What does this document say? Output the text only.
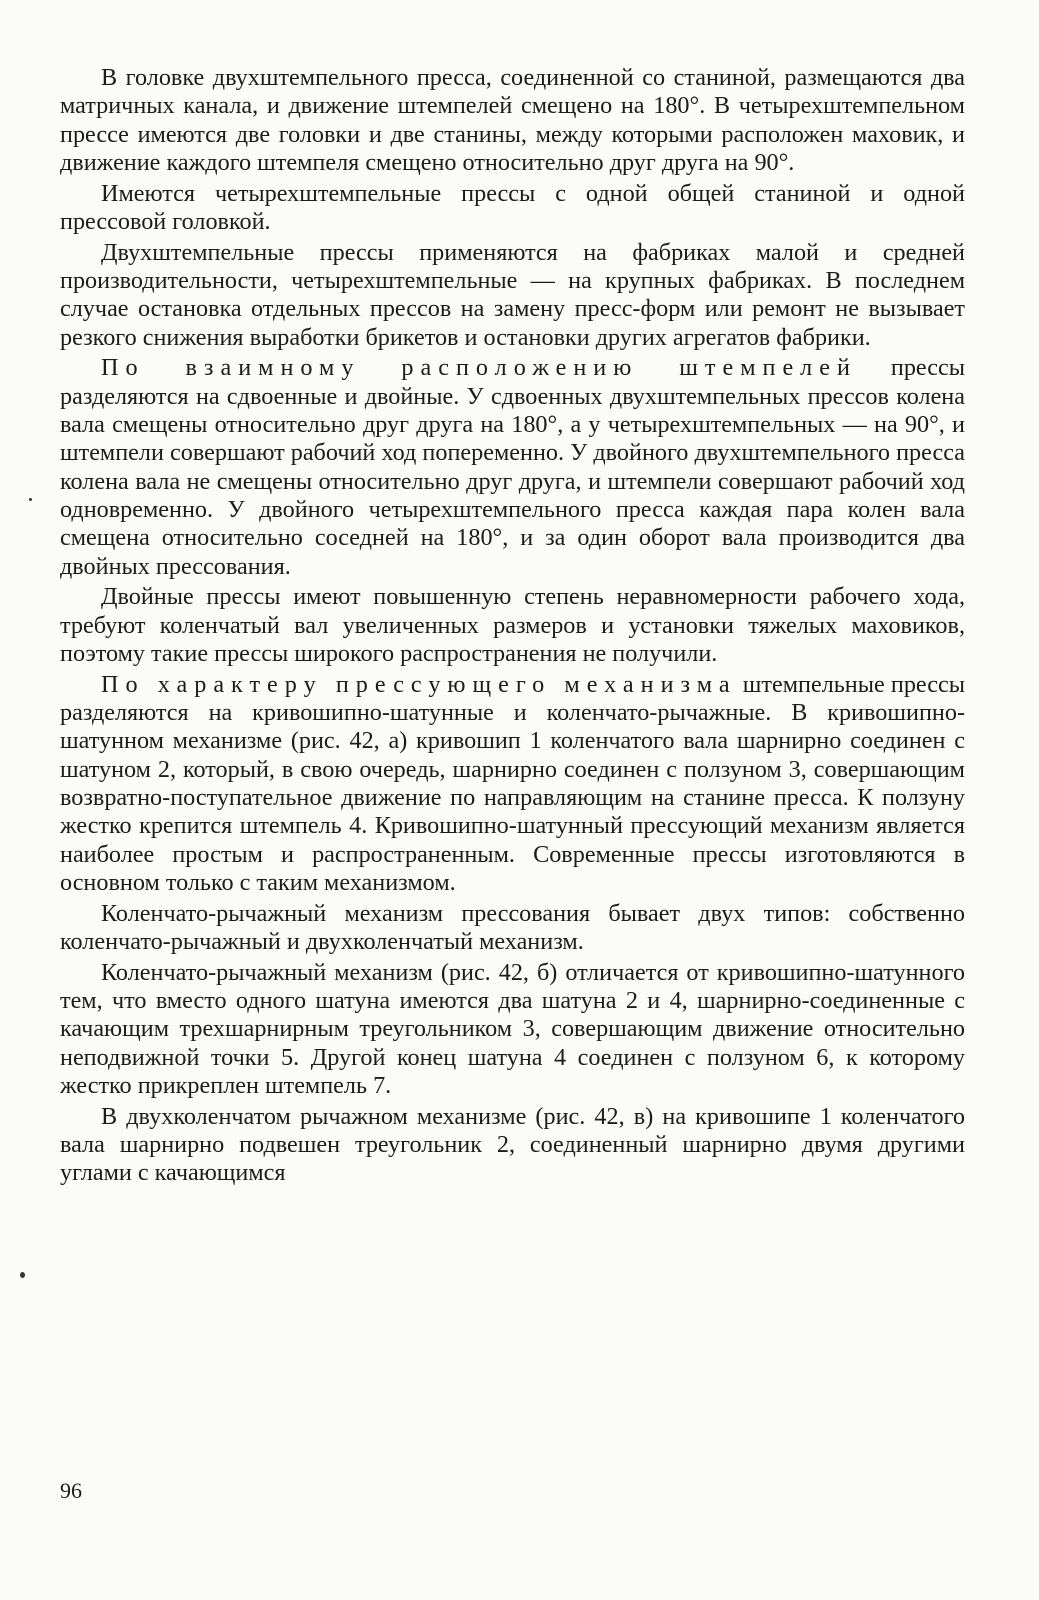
В головке двухштемпельного пресса, соединенной со станиной, размещаются два матричных канала, и движение штемпелей смещено на 180°. В четырехштемпельном прессе имеются две головки и две станины, между которыми расположен маховик, и движение каждого штемпеля смещено относительно друг друга на 90°.

Имеются четырехштемпельные прессы с одной общей станиной и одной прессовой головкой.

Двухштемпельные прессы применяются на фабриках малой и средней производительности, четырехштемпельные — на крупных фабриках. В последнем случае остановка отдельных прессов на замену пресс-форм или ремонт не вызывает резкого снижения выработки брикетов и остановки других агрегатов фабрики.

По взаимному расположению штемпелей прессы разделяются на сдвоенные и двойные. У сдвоенных двухштемпельных прессов колена вала смещены относительно друг друга на 180°, а у четырехштемпельных — на 90°, и штемпели совершают рабочий ход попеременно. У двойного двухштемпельного пресса колена вала не смещены относительно друг друга, и штемпели совершают рабочий ход одновременно. У двойного четырехштемпельного пресса каждая пара колен вала смещена относительно соседней на 180°, и за один оборот вала производится два двойных прессования.

Двойные прессы имеют повышенную степень неравномерности рабочего хода, требуют коленчатый вал увеличенных размеров и установки тяжелых маховиков, поэтому такие прессы широкого распространения не получили.

По характеру прессующего механизма штемпельные прессы разделяются на кривошипно-шатунные и коленчато-рычажные. В кривошипно-шатунном механизме (рис. 42, а) кривошип 1 коленчатого вала шарнирно соединен с шатуном 2, который, в свою очередь, шарнирно соединен с ползуном 3, совершающим возвратно-поступательное движение по направляющим на станине пресса. К ползуну жестко крепится штемпель 4. Кривошипно-шатунный прессующий механизм является наиболее простым и распространенным. Современные прессы изготовляются в основном только с таким механизмом.

Коленчато-рычажный механизм прессования бывает двух типов: собственно коленчато-рычажный и двухколенчатый механизм.

Коленчато-рычажный механизм (рис. 42, б) отличается от кривошипно-шатунного тем, что вместо одного шатуна имеются два шатуна 2 и 4, шарнирно-соединенные с качающим трехшарнирным треугольником 3, совершающим движение относительно неподвижной точки 5. Другой конец шатуна 4 соединен с ползуном 6, к которому жестко прикреплен штемпель 7.

В двухколенчатом рычажном механизме (рис. 42, в) на кривошипе 1 коленчатого вала шарнирно подвешен треугольник 2, соединенный шарнирно двумя другими углами с качающимся

96
